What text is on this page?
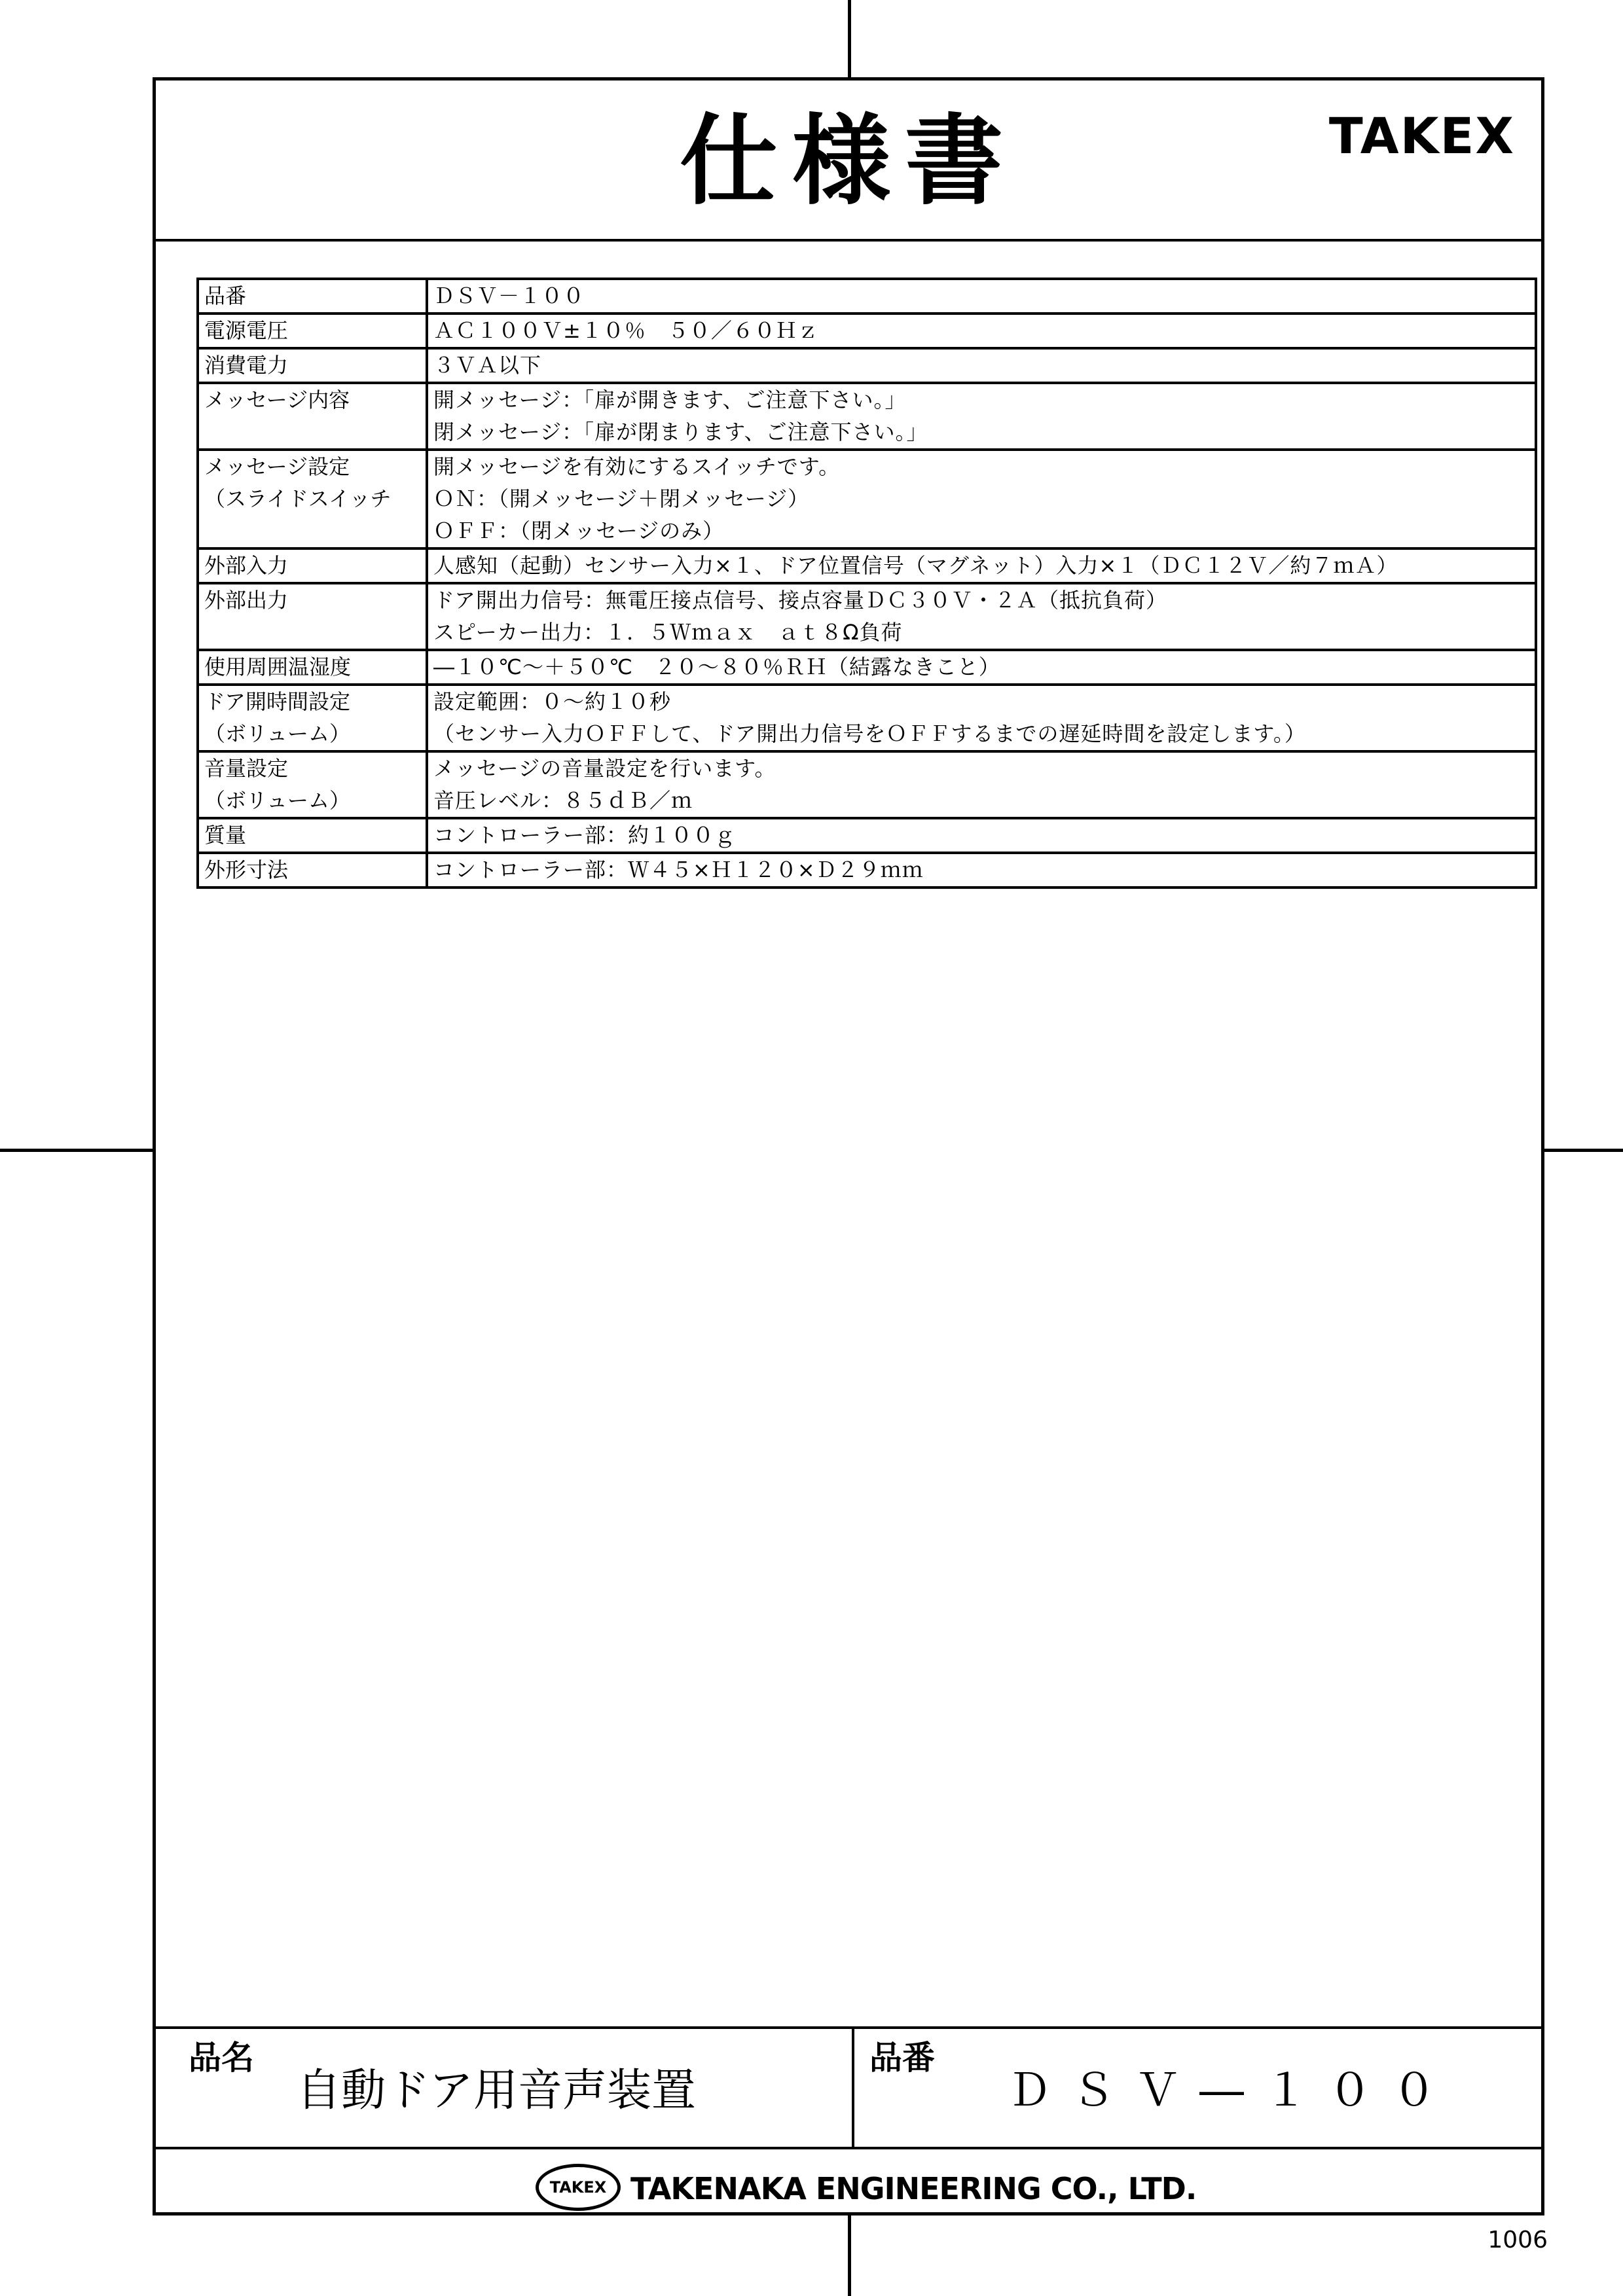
仕様書	TAKEX
品番	ＤＳＶ－１００

電源電圧	ＡＣ１００Ｖ±１０％　５０／６０Ｈｚ

消費電力	３ＶＡ以下

メッセージ内容	開メッセージ：「扉が開きます、ご注意下さい。」
閉メッセージ：「扉が閉まります、ご注意下さい。」

メッセージ設定
（スライドスイッチ	開メッセージを有効にするスイッチです。
ＯＮ：（開メッセージ＋閉メッセージ）
ＯＦＦ：（閉メッセージのみ）

外部入力	人感知（起動）センサー入力×１、ドア位置信号（マグネット）入力×１（ＤＣ１２Ｖ／約７ｍＡ）

外部出力	ドア開出力信号：無電圧接点信号、接点容量ＤＣ３０Ｖ・２Ａ（抵抗負荷）
スピーカー出力：１．５Ｗｍａｘ　ａｔ８Ω負荷

使用周囲温湿度	―１０℃～＋５０℃　２０～８０％ＲＨ（結露なきこと）

ドア開時間設定
（ボリューム）	設定範囲：０～約１０秒
（センサー入力ＯＦＦして、ドア開出力信号をＯＦＦするまでの遅延時間を設定します。）

音量設定
（ボリューム）	メッセージの音量設定を行います。
音圧レベル：８５ｄＢ／ｍ

質量	コントローラー部：約１００ｇ

外形寸法	コントローラー部：Ｗ４５×Ｈ１２０×Ｄ２９ｍｍ
品名
自動ドア用音声装置
品番
ＤＳＶ―１００
TAKEX TAKENAKA ENGINEERING CO., LTD.
1006
